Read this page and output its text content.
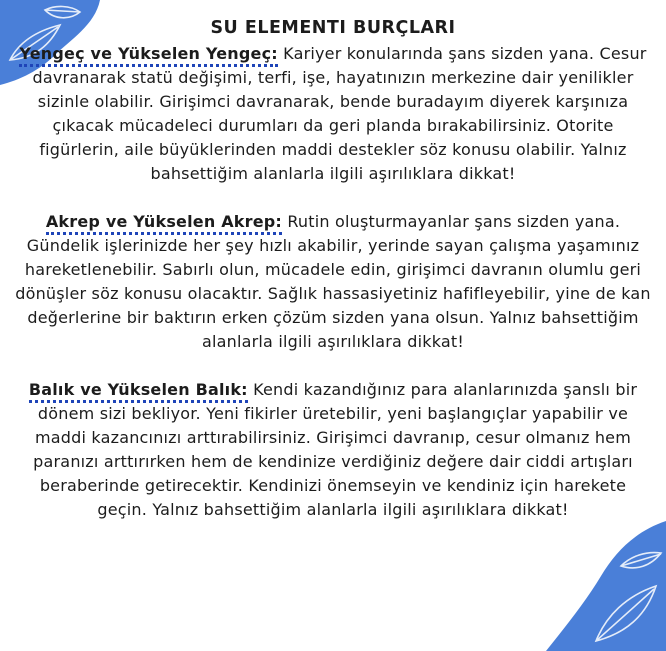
SU ELEMENTI BURÇLARI

Yengeç ve Yükselen Yengeç: Kariyer konularında şans sizden yana. Cesur davranarak statü değişimi, terfi, işe, hayatınızın merkezine dair yenilikler sizinle olabilir. Girişimci davranarak, bende buradayım diyerek karşınıza çıkacak mücadeleci durumları da geri planda bırakabilirsiniz. Otorite figürlerin, aile büyüklerinden maddi destekler söz konusu olabilir. Yalnız bahsettiğim alanlarla ilgili aşırılıklara dikkat!

Akrep ve Yükselen Akrep: Rutin oluşturmayanlar şans sizden yana. Gündelik işlerinizde her şey hızlı akabilir, yerinde sayan çalışma yaşamınız hareketlenebilir. Sabırlı olun, mücadele edin, girişimci davranın olumlu geri dönüşler söz konusu olacaktır. Sağlık hassasiyetiniz hafifleyebilir, yine de kan değerlerine bir baktırın erken çözüm sizden yana olsun. Yalnız bahsettiğim alanlarla ilgili aşırılıklara dikkat!

Balık ve Yükselen Balık: Kendi kazandığınız para alanlarınızda şanslı bir dönem sizi bekliyor. Yeni fikirler üretebilir, yeni başlangıçlar yapabilir ve maddi kazancınızı arttırabilirsiniz. Girişimci davranıp, cesur olmanız hem paranızı arttırırken hem de kendinize verdiğiniz değere dair ciddi artışları beraberinde getirecektir. Kendinizi önemseyin ve kendiniz için harekete geçin. Yalnız bahsettiğim alanlarla ilgili aşırılıklara dikkat!
